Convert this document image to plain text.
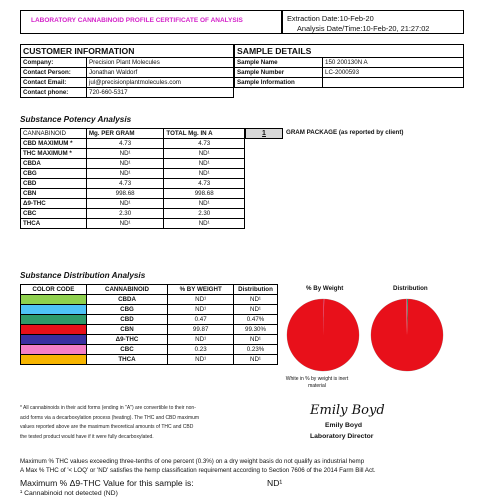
LABORATORY CANNABINOID PROFILE CERTIFICATE OF ANALYSIS	Extraction Date:10-Feb-20
Analysis Date/Time:10-Feb-20, 21:27:02
CUSTOMER INFORMATION	
Company:	Precision Plant Molecules
Contact Person:	Jonathan Waldorf
Contact Email:	jul@precisionplantmolecules.com
Contact phone:	720-660-5317
SAMPLE DETAILS	
Sample Name	150 200130N A
Sample Number	LC-2000593
Sample Information	
Substance Potency Analysis
CANNABINOID	Mg. PER GRAM	TOTAL Mg. IN A
CBD MAXIMUM *	4.73	4.73
THC MAXIMUM *	ND¹	ND¹
CBDA	ND¹	ND¹
CBG	ND¹	ND¹
CBD	4.73	4.73
CBN	998.68	998.68
Δ9-THC	ND¹	ND¹
CBC	2.30	2.30
THCA	ND¹	ND¹
1	GRAM PACKAGE (as reported by client)
Substance Distribution Analysis
COLOR CODE	CANNABINOID	% BY WEIGHT	Distribution
	CBDA	ND¹	ND¹
	CBG	ND¹	ND¹
	CBD	0.47	0.47%
	CBN	99.87	99.30%
	Δ9-THC	ND¹	ND¹
	CBC	0.23	0.23%
	THCA	ND¹	ND¹
% By Weight	Distribution
White in % by weight is inert material
* All cannabinoids in their acid forms (ending in "A") are convertible to their non-
acid forms via a decarboxylation process (heating). The THC and CBD maximum
values reported above are the maximum theoretical amounts of THC and CBD
the tested product would have if it were fully decarboxylated.
Emily Boyd
Emily Boyd
Laboratory Director
Maximum % THC values exceeding three-tenths of one percent (0.3%) on a dry weight basis do not qualify as industrial hemp
A Max % THC of '< LOQ' or 'ND' satisfies the hemp classification requirement according to Section 7606 of the 2014 Farm Bill Act.
Maximum % Δ9-THC Value for this sample is:	ND¹
¹ Cannabinoid not detected (ND)
